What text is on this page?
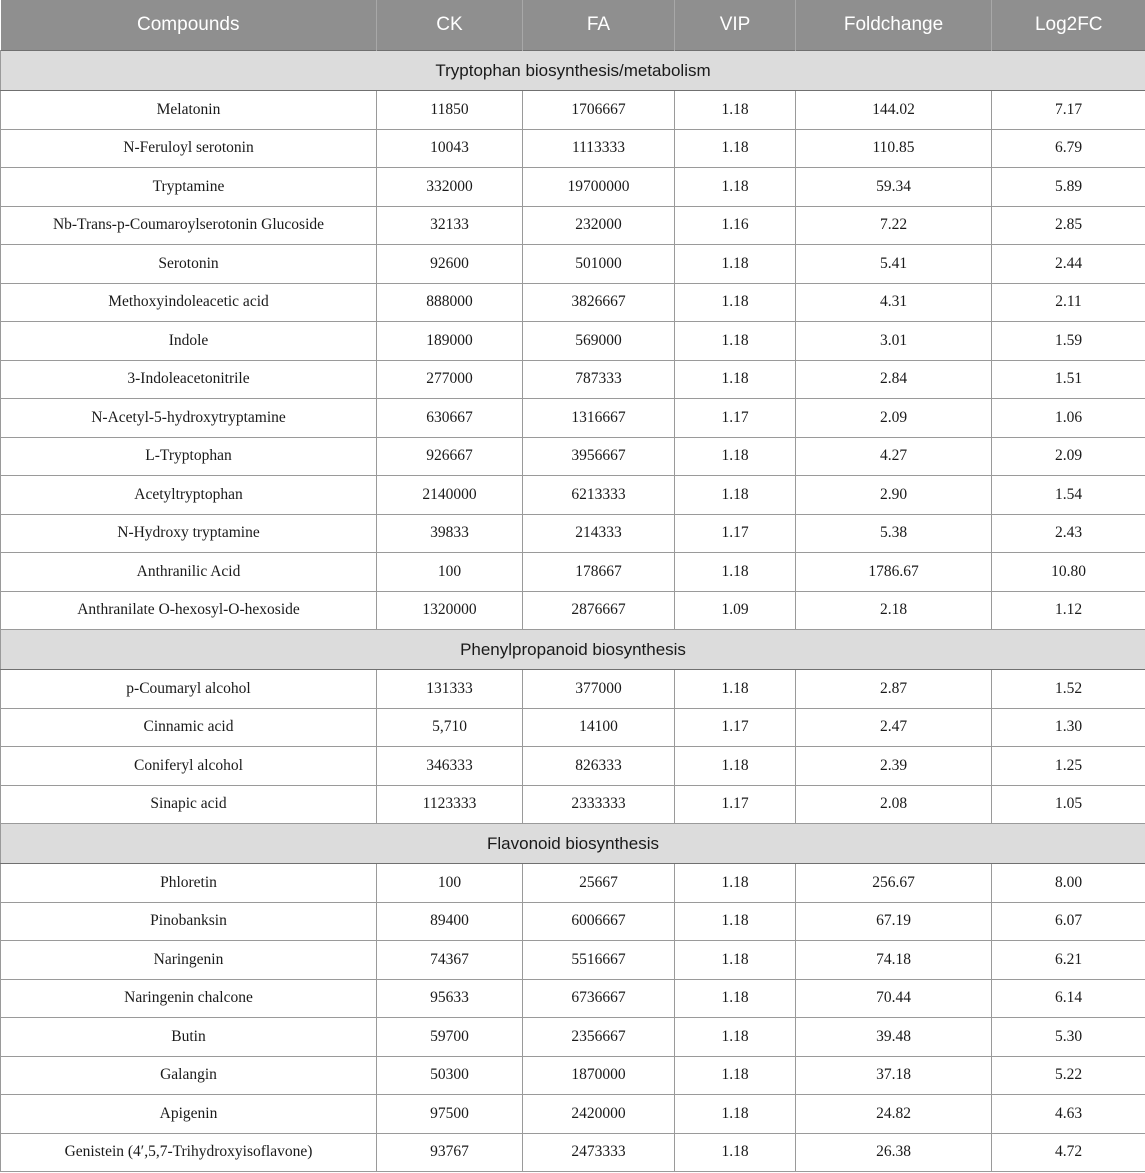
Compounds	CK	FA	VIP	Foldchange	Log2FC
Tryptophan biosynthesis/metabolism					
Melatonin	11850	1706667	1.18	144.02	7.17
N-Feruloyl serotonin	10043	1113333	1.18	110.85	6.79
Tryptamine	332000	19700000	1.18	59.34	5.89
Nb-Trans-p-Coumaroylserotonin Glucoside	32133	232000	1.16	7.22	2.85
Serotonin	92600	501000	1.18	5.41	2.44
Methoxyindoleacetic acid	888000	3826667	1.18	4.31	2.11
Indole	189000	569000	1.18	3.01	1.59
3-Indoleacetonitrile	277000	787333	1.18	2.84	1.51
N-Acetyl-5-hydroxytryptamine	630667	1316667	1.17	2.09	1.06
L-Tryptophan	926667	3956667	1.18	4.27	2.09
Acetyltryptophan	2140000	6213333	1.18	2.90	1.54
N-Hydroxy tryptamine	39833	214333	1.17	5.38	2.43
Anthranilic Acid	100	178667	1.18	1786.67	10.80
Anthranilate O-hexosyl-O-hexoside	1320000	2876667	1.09	2.18	1.12
Phenylpropanoid biosynthesis					
p-Coumaryl alcohol	131333	377000	1.18	2.87	1.52
Cinnamic acid	5,710	14100	1.17	2.47	1.30
Coniferyl alcohol	346333	826333	1.18	2.39	1.25
Sinapic acid	1123333	2333333	1.17	2.08	1.05
Flavonoid biosynthesis					
Phloretin	100	25667	1.18	256.67	8.00
Pinobanksin	89400	6006667	1.18	67.19	6.07
Naringenin	74367	5516667	1.18	74.18	6.21
Naringenin chalcone	95633	6736667	1.18	70.44	6.14
Butin	59700	2356667	1.18	39.48	5.30
Galangin	50300	1870000	1.18	37.18	5.22
Apigenin	97500	2420000	1.18	24.82	4.63
Genistein (4′,5,7-Trihydroxyisoflavone)	93767	2473333	1.18	26.38	4.72
